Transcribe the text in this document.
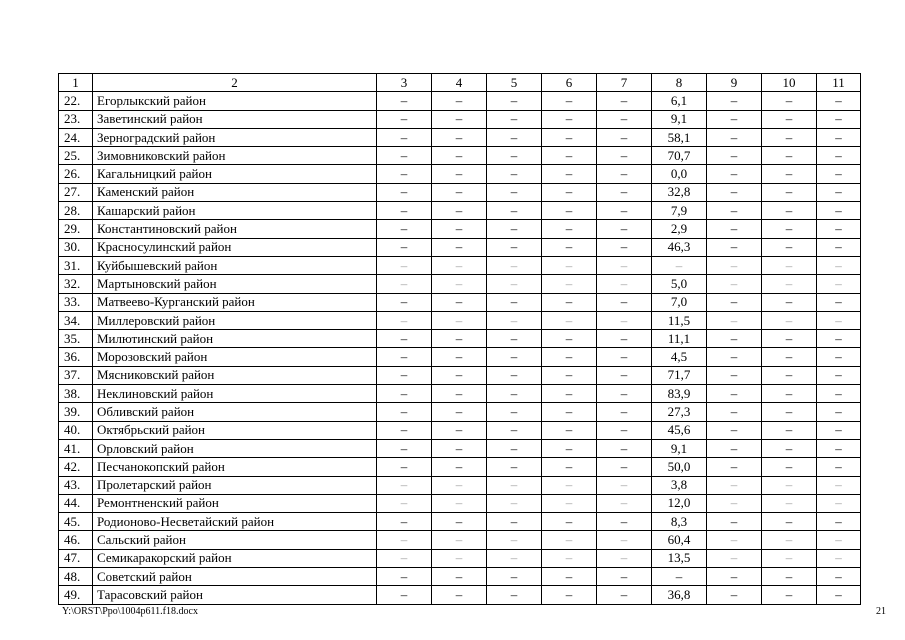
1	2	3	4	5	6	7	8	9	10	11
22.	Егорлыкский район	–	–	–	–	–	6,1	–	–	–
23.	Заветинский район	–	–	–	–	–	9,1	–	–	–
24.	Зерноградский район	–	–	–	–	–	58,1	–	–	–
25.	Зимовниковский район	–	–	–	–	–	70,7	–	–	–
26.	Кагальницкий район	–	–	–	–	–	0,0	–	–	–
27.	Каменский район	–	–	–	–	–	32,8	–	–	–
28.	Кашарский район	–	–	–	–	–	7,9	–	–	–
29.	Константиновский район	–	–	–	–	–	2,9	–	–	–
30.	Красносулинский район	–	–	–	–	–	46,3	–	–	–
31.	Куйбышевский район	–	–	–	–	–	–	–	–	–
32.	Мартыновский район	–	–	–	–	–	5,0	–	–	–
33.	Матвеево-Курганский район	–	–	–	–	–	7,0	–	–	–
34.	Миллеровский район	–	–	–	–	–	11,5	–	–	–
35.	Милютинский район	–	–	–	–	–	11,1	–	–	–
36.	Морозовский район	–	–	–	–	–	4,5	–	–	–
37.	Мясниковский район	–	–	–	–	–	71,7	–	–	–
38.	Неклиновский район	–	–	–	–	–	83,9	–	–	–
39.	Обливский район	–	–	–	–	–	27,3	–	–	–
40.	Октябрьский район	–	–	–	–	–	45,6	–	–	–
41.	Орловский район	–	–	–	–	–	9,1	–	–	–
42.	Песчанокопский район	–	–	–	–	–	50,0	–	–	–
43.	Пролетарский район	–	–	–	–	–	3,8	–	–	–
44.	Ремонтненский район	–	–	–	–	–	12,0	–	–	–
45.	Родионово-Несветайский район	–	–	–	–	–	8,3	–	–	–
46.	Сальский район	–	–	–	–	–	60,4	–	–	–
47.	Семикаракорский район	–	–	–	–	–	13,5	–	–	–
48.	Советский район	–	–	–	–	–	–	–	–	–
49.	Тарасовский район	–	–	–	–	–	36,8	–	–	–
Y:\ORST\Ppo\1004p611.f18.docx	21
